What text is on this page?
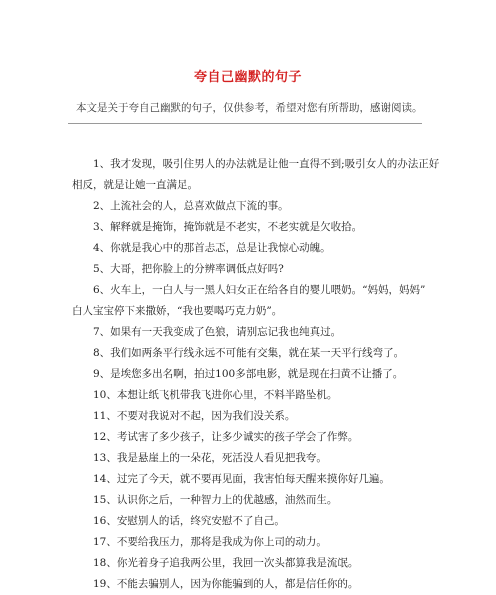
夸自己幽默的句子
本文是关于夸自己幽默的句子，仅供参考，希望对您有所帮助，感谢阅读。
1、我才发现，吸引住男人的办法就是让他一直得不到;吸引女人的办法正好
相反，就是让她一直满足。
2、上流社会的人，总喜欢做点下流的事。
3、解释就是掩饰，掩饰就是不老实，不老实就是欠收拾。
4、你就是我心中的那首忐忑，总是让我惊心动魄。
5、大哥，把你脸上的分辨率调低点好吗?
6、火车上，一白人与一黑人妇女正在给各自的婴儿喂奶。“妈妈，妈妈”
白人宝宝停下来撒娇，“我也要喝巧克力奶”。
7、如果有一天我变成了色狼，请别忘记我也纯真过。
8、我们如两条平行线永远不可能有交集，就在某一天平行线弯了。
9、是埃您多出名啊，拍过100多部电影，就是现在扫黄不让播了。
10、本想让纸飞机带我飞进你心里，不料半路坠机。
11、不要对我说对不起，因为我们没关系。
12、考试害了多少孩子，让多少诚实的孩子学会了作弊。
13、我是悬崖上的一朵花，死活没人看见把我夸。
14、过完了今天，就不要再见面，我害怕每天醒来摸你好几遍。
15、认识你之后，一种智力上的优越感，油然而生。
16、安慰别人的话，终究安慰不了自己。
17、不要给我压力，那将是我成为你上司的动力。
18、你光着身子追我两公里，我回一次头都算我是流氓。
19、不能去骗别人，因为你能骗到的人，都是信任你的。
